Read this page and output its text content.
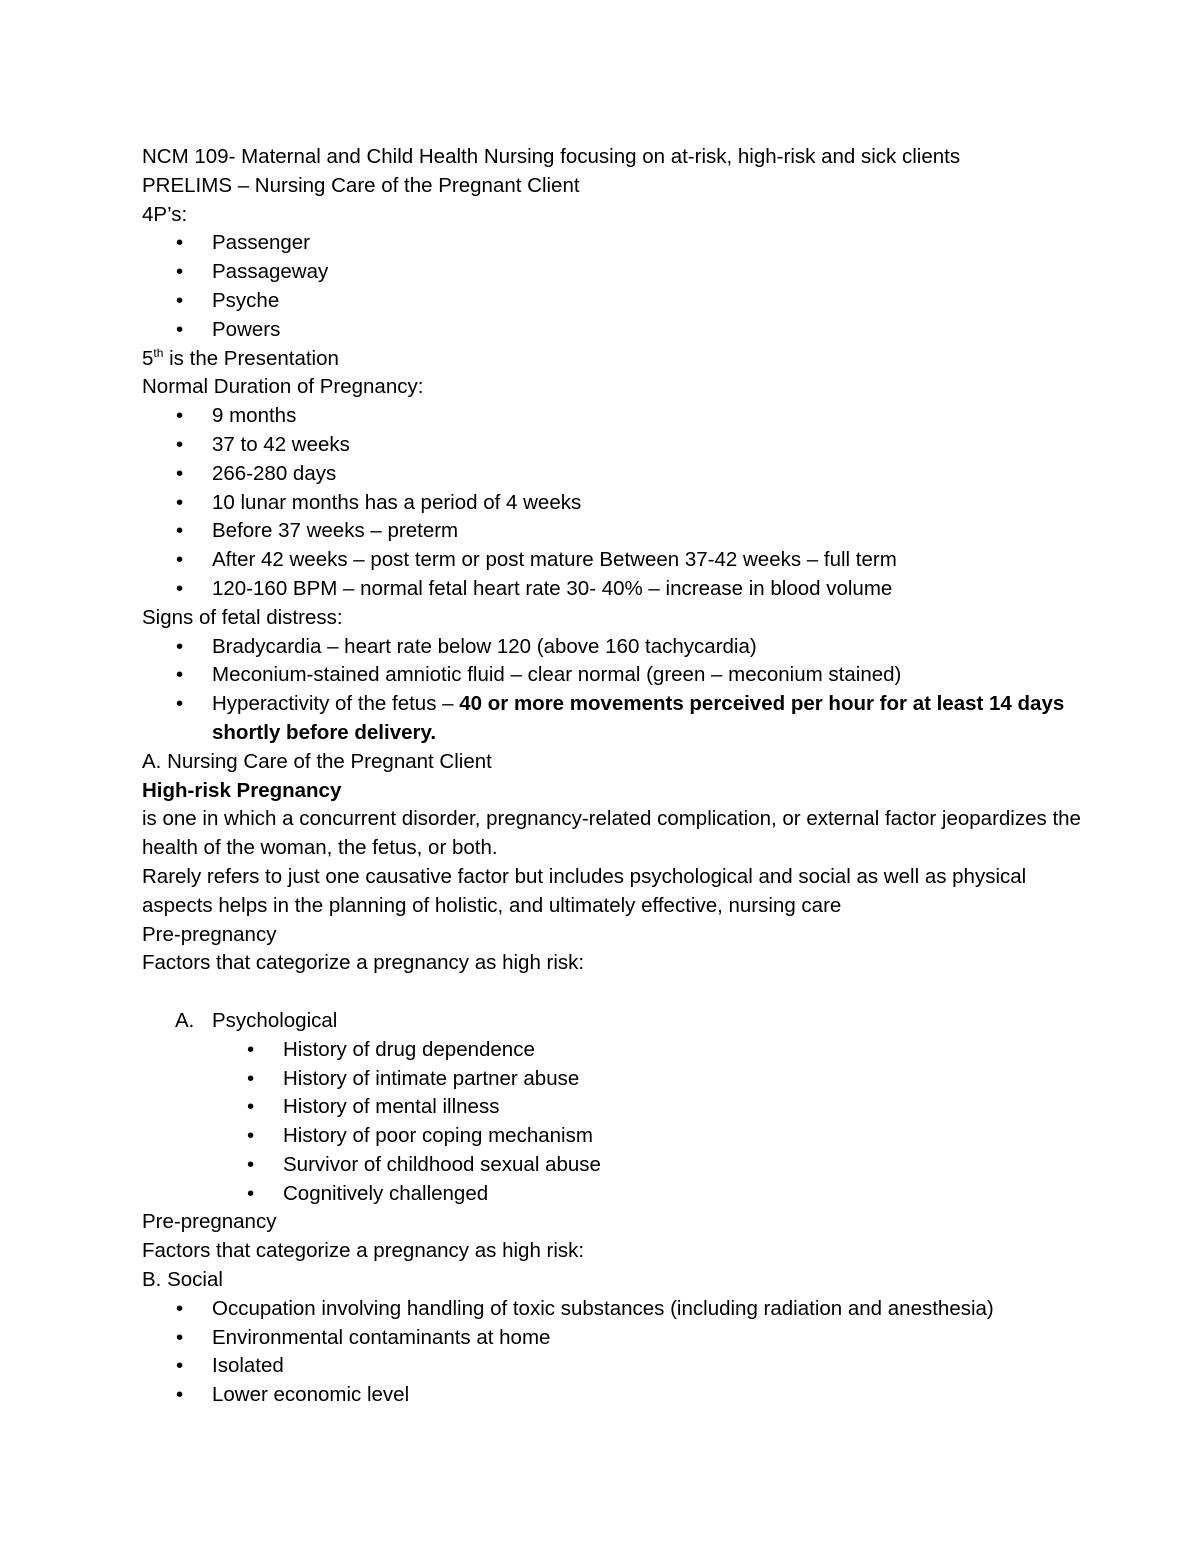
NCM 109- Maternal and Child Health Nursing focusing on at-risk, high-risk and sick clients
PRELIMS – Nursing Care of the Pregnant Client
4P’s:
• Passenger
• Passageway
• Psyche
• Powers
5th is the Presentation
Normal Duration of Pregnancy:
• 9 months
• 37 to 42 weeks
• 266-280 days
• 10 lunar months has a period of 4 weeks
• Before 37 weeks – preterm
• After 42 weeks – post term or post mature Between 37-42 weeks – full term
• 120-160 BPM – normal fetal heart rate 30- 40% – increase in blood volume
Signs of fetal distress:
• Bradycardia – heart rate below 120 (above 160 tachycardia)
• Meconium-stained amniotic fluid – clear normal (green – meconium stained)
• Hyperactivity of the fetus – 40 or more movements perceived per hour for at least 14 days shortly before delivery.
A. Nursing Care of the Pregnant Client
High-risk Pregnancy
is one in which a concurrent disorder, pregnancy-related complication, or external factor jeopardizes the health of the woman, the fetus, or both.
Rarely refers to just one causative factor but includes psychological and social as well as physical aspects helps in the planning of holistic, and ultimately effective, nursing care
Pre-pregnancy
Factors that categorize a pregnancy as high risk:
A. Psychological
• History of drug dependence
• History of intimate partner abuse
• History of mental illness
• History of poor coping mechanism
• Survivor of childhood sexual abuse
• Cognitively challenged
Pre-pregnancy
Factors that categorize a pregnancy as high risk:
B. Social
• Occupation involving handling of toxic substances (including radiation and anesthesia)
• Environmental contaminants at home
• Isolated
• Lower economic level
